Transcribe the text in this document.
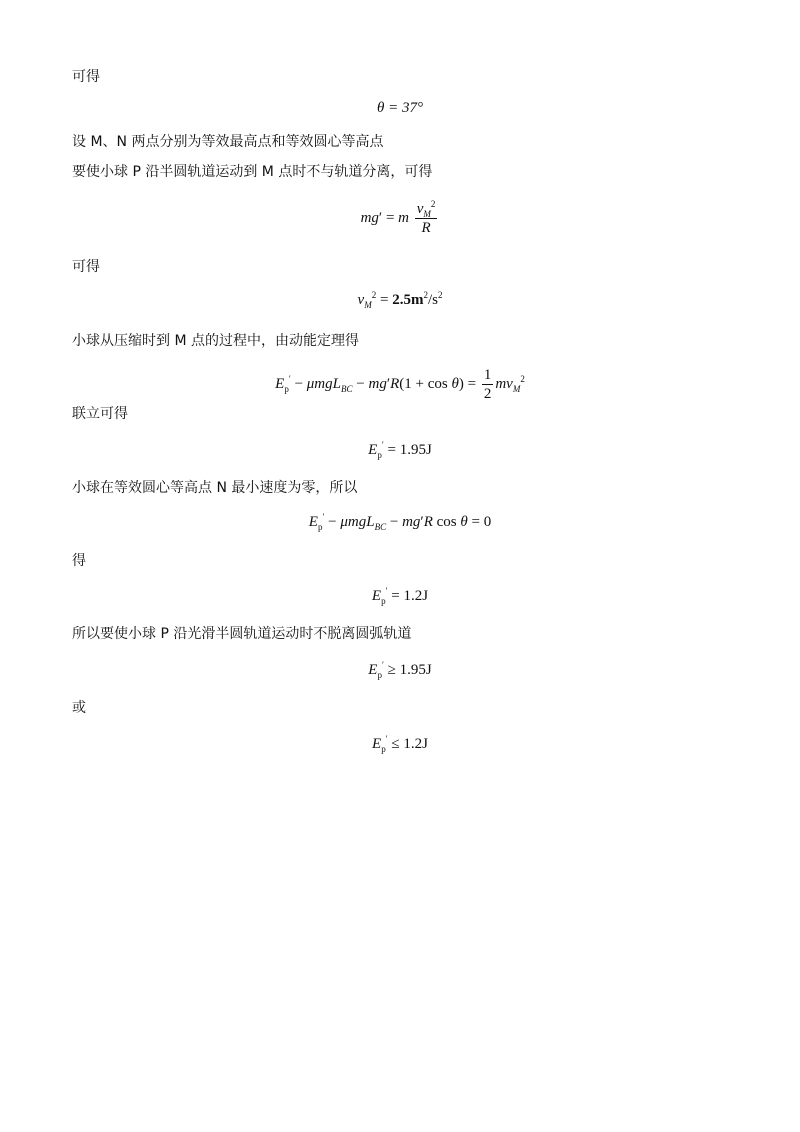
可得
θ = 37°
设 M、N 两点分别为等效最高点和等效圆心等高点
要使小球 P 沿半圆轨道运动到 M 点时不与轨道分离，可得
mg′ = m $\frac{v_M^2}{R}$
可得
$v_M^2 = 2.5m^2/s^2$
小球从压缩时到 M 点的过程中，由动能定理得
$E_p' - \mu mgL_{BC} - mg'R(1 + \cos \theta) = \frac{1}{2} mv_M^2$
联立可得
$E_p' = 1.95J$
小球在等效圆心等高点 N 最小速度为零，所以
$E_p' - \mu mgL_{BC} - mg'R$ cos θ = 0
得
$E_p' = 1.2J$
所以要使小球 P 沿光滑半圆轨道运动时不脱离圆弧轨道
$E_p' \ge 1.95J$
或
$E_p' \le 1.2J$
